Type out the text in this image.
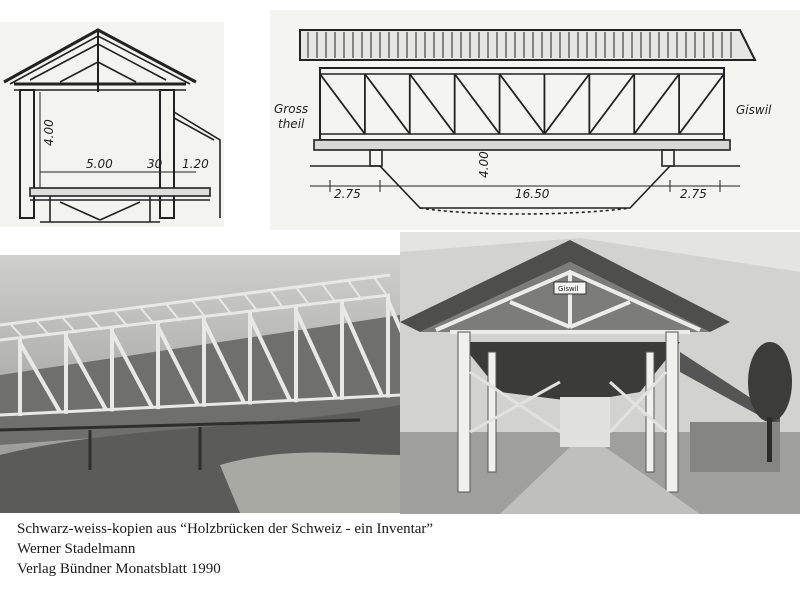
4.00
5.00	30 1.20
Gross
theil
Giswil
2.75
4.00
16.50	2.75
Giswil
Schwarz-weiss-kopien aus “Holzbrücken der Schweiz - ein Inventar”
Werner Stadelmann
Verlag Bündner Monatsblatt 1990
